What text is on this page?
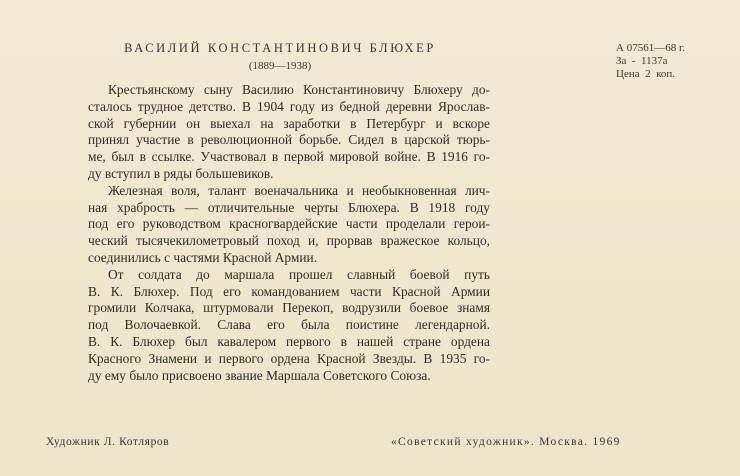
ВАСИЛИЙ КОНСТАНТИНОВИЧ БЛЮХЕР
(1889—1938)
А 07561—68 г.
За  -  1137а
Цена  2  коп.

Крестьянскому сыну Василию Константиновичу Блюхеру до-
сталось трудное детство. В 1904 году из бедной деревни Ярослав-
ской губернии он выехал на заработки в Петербург и вскоре
принял участие в революционной борьбе. Сидел в царской тюрь-
ме, был в ссылке. Участвовал в первой мировой войне. В 1916 го-
ду вступил в ряды большевиков.

Железная воля, талант военачальника и необыкновенная лич-
ная храбрость — отличительные черты Блюхера. В 1918 году
под его руководством красногвардейские части проделали герои-
ческий тысячекилометровый поход и, прорвав вражеское кольцо,
соединились с частями Красной Армии.

От солдата до маршала прошел славный боевой путь
В. К. Блюхер. Под его командованием части Красной Армии
громили Колчака, штурмовали Перекоп, водрузили боевое знамя
под Волочаевкой. Слава его была поистине легендарной.
В. К. Блюхер был кавалером первого в нашей стране ордена
Красного Знамени и первого ордена Красной Звезды. В 1935 го-
ду ему было присвоено звание Маршала Советского Союза.

Художник Л. Котляров	«Советский художник». Москва. 1969
